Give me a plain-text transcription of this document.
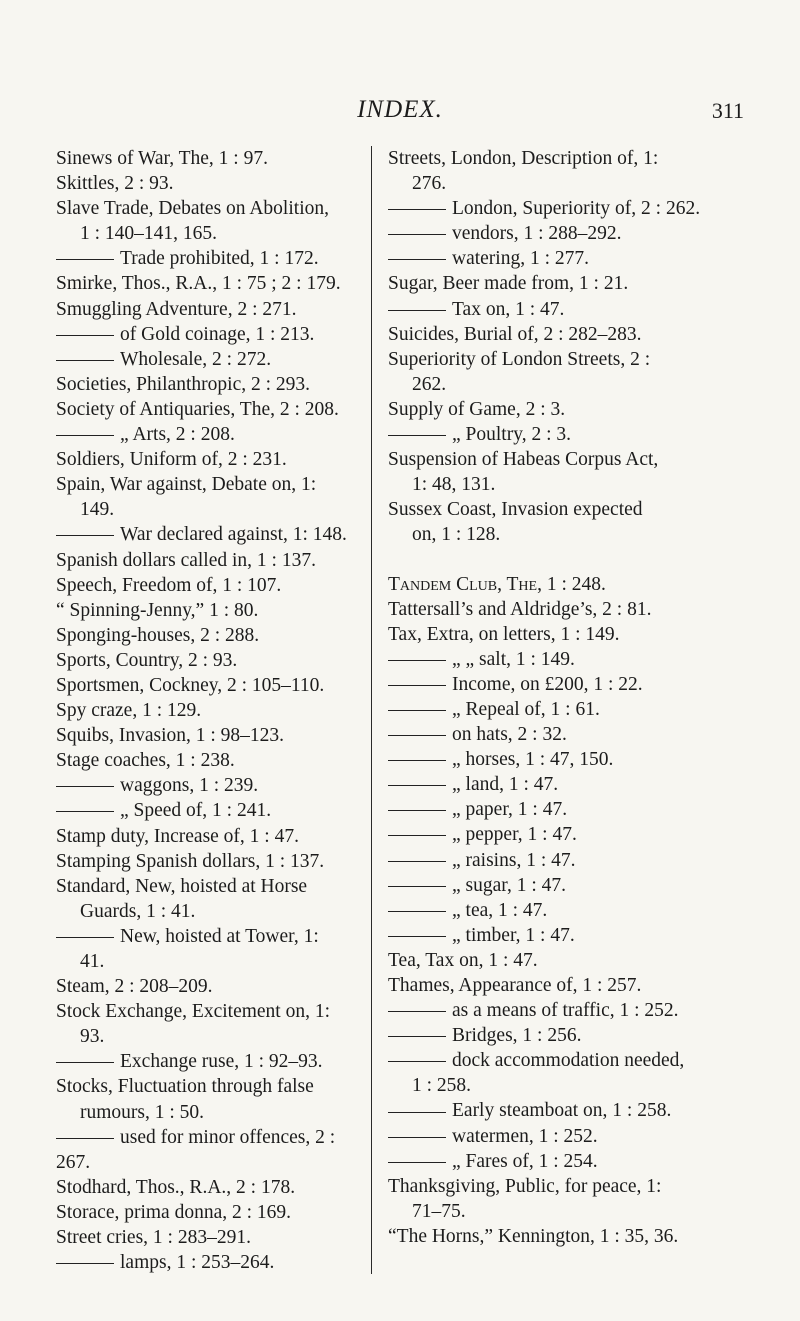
INDEX.	311

Sinews of War, The, 1 : 97.

Skittles, 2 : 93.

Slave Trade, Debates on Abolition,

1 : 140–141, 165.

Trade prohibited, 1 : 172.

Smirke, Thos., R.A., 1 : 75 ; 2 : 179.

Smuggling Adventure, 2 : 271.

of Gold coinage, 1 : 213.

Wholesale, 2 : 272.

Societies, Philanthropic, 2 : 293.

Society of Antiquaries, The, 2 : 208.

„ Arts, 2 : 208.

Soldiers, Uniform of, 2 : 231.

Spain, War against, Debate on, 1:

149.

War declared against, 1: 148.

Spanish dollars called in, 1 : 137.

Speech, Freedom of, 1 : 107.

“ Spinning-Jenny,” 1 : 80.

Sponging-houses, 2 : 288.

Sports, Country, 2 : 93.

Sportsmen, Cockney, 2 : 105–110.

Spy craze, 1 : 129.

Squibs, Invasion, 1 : 98–123.

Stage coaches, 1 : 238.

waggons, 1 : 239.

„ Speed of, 1 : 241.

Stamp duty, Increase of, 1 : 47.

Stamping Spanish dollars, 1 : 137.

Standard, New, hoisted at Horse

Guards, 1 : 41.

New, hoisted at Tower, 1:

41.

Steam, 2 : 208–209.

Stock Exchange, Excitement on, 1:

93.

Exchange ruse, 1 : 92–93.

Stocks, Fluctuation through false

rumours, 1 : 50.

used for minor offences, 2 : 267.

Stodhard, Thos., R.A., 2 : 178.

Storace, prima donna, 2 : 169.

Street cries, 1 : 283–291.

lamps, 1 : 253–264.

Streets, London, Description of, 1:

276.

London, Superiority of, 2 : 262.

vendors, 1 : 288–292.

watering, 1 : 277.

Sugar, Beer made from, 1 : 21.

Tax on, 1 : 47.

Suicides, Burial of, 2 : 282–283.

Superiority of London Streets, 2 :

262.

Supply of Game, 2 : 3.

„ Poultry, 2 : 3.

Suspension of Habeas Corpus Act,

1: 48, 131.

Sussex Coast, Invasion expected

on, 1 : 128.

Tandem Club, The, 1 : 248.

Tattersall’s and Aldridge’s, 2 : 81.

Tax, Extra, on letters, 1 : 149.

„ „ salt, 1 : 149.

Income, on £200, 1 : 22.

„ Repeal of, 1 : 61.

on hats, 2 : 32.

„ horses, 1 : 47, 150.

„ land, 1 : 47.

„ paper, 1 : 47.

„ pepper, 1 : 47.

„ raisins, 1 : 47.

„ sugar, 1 : 47.

„ tea, 1 : 47.

„ timber, 1 : 47.

Tea, Tax on, 1 : 47.

Thames, Appearance of, 1 : 257.

as a means of traffic, 1 : 252.

Bridges, 1 : 256.

dock accommodation needed,

1 : 258.

Early steamboat on, 1 : 258.

watermen, 1 : 252.

„ Fares of, 1 : 254.

Thanksgiving, Public, for peace, 1:

71–75.

“The Horns,” Kennington, 1 : 35, 36.
